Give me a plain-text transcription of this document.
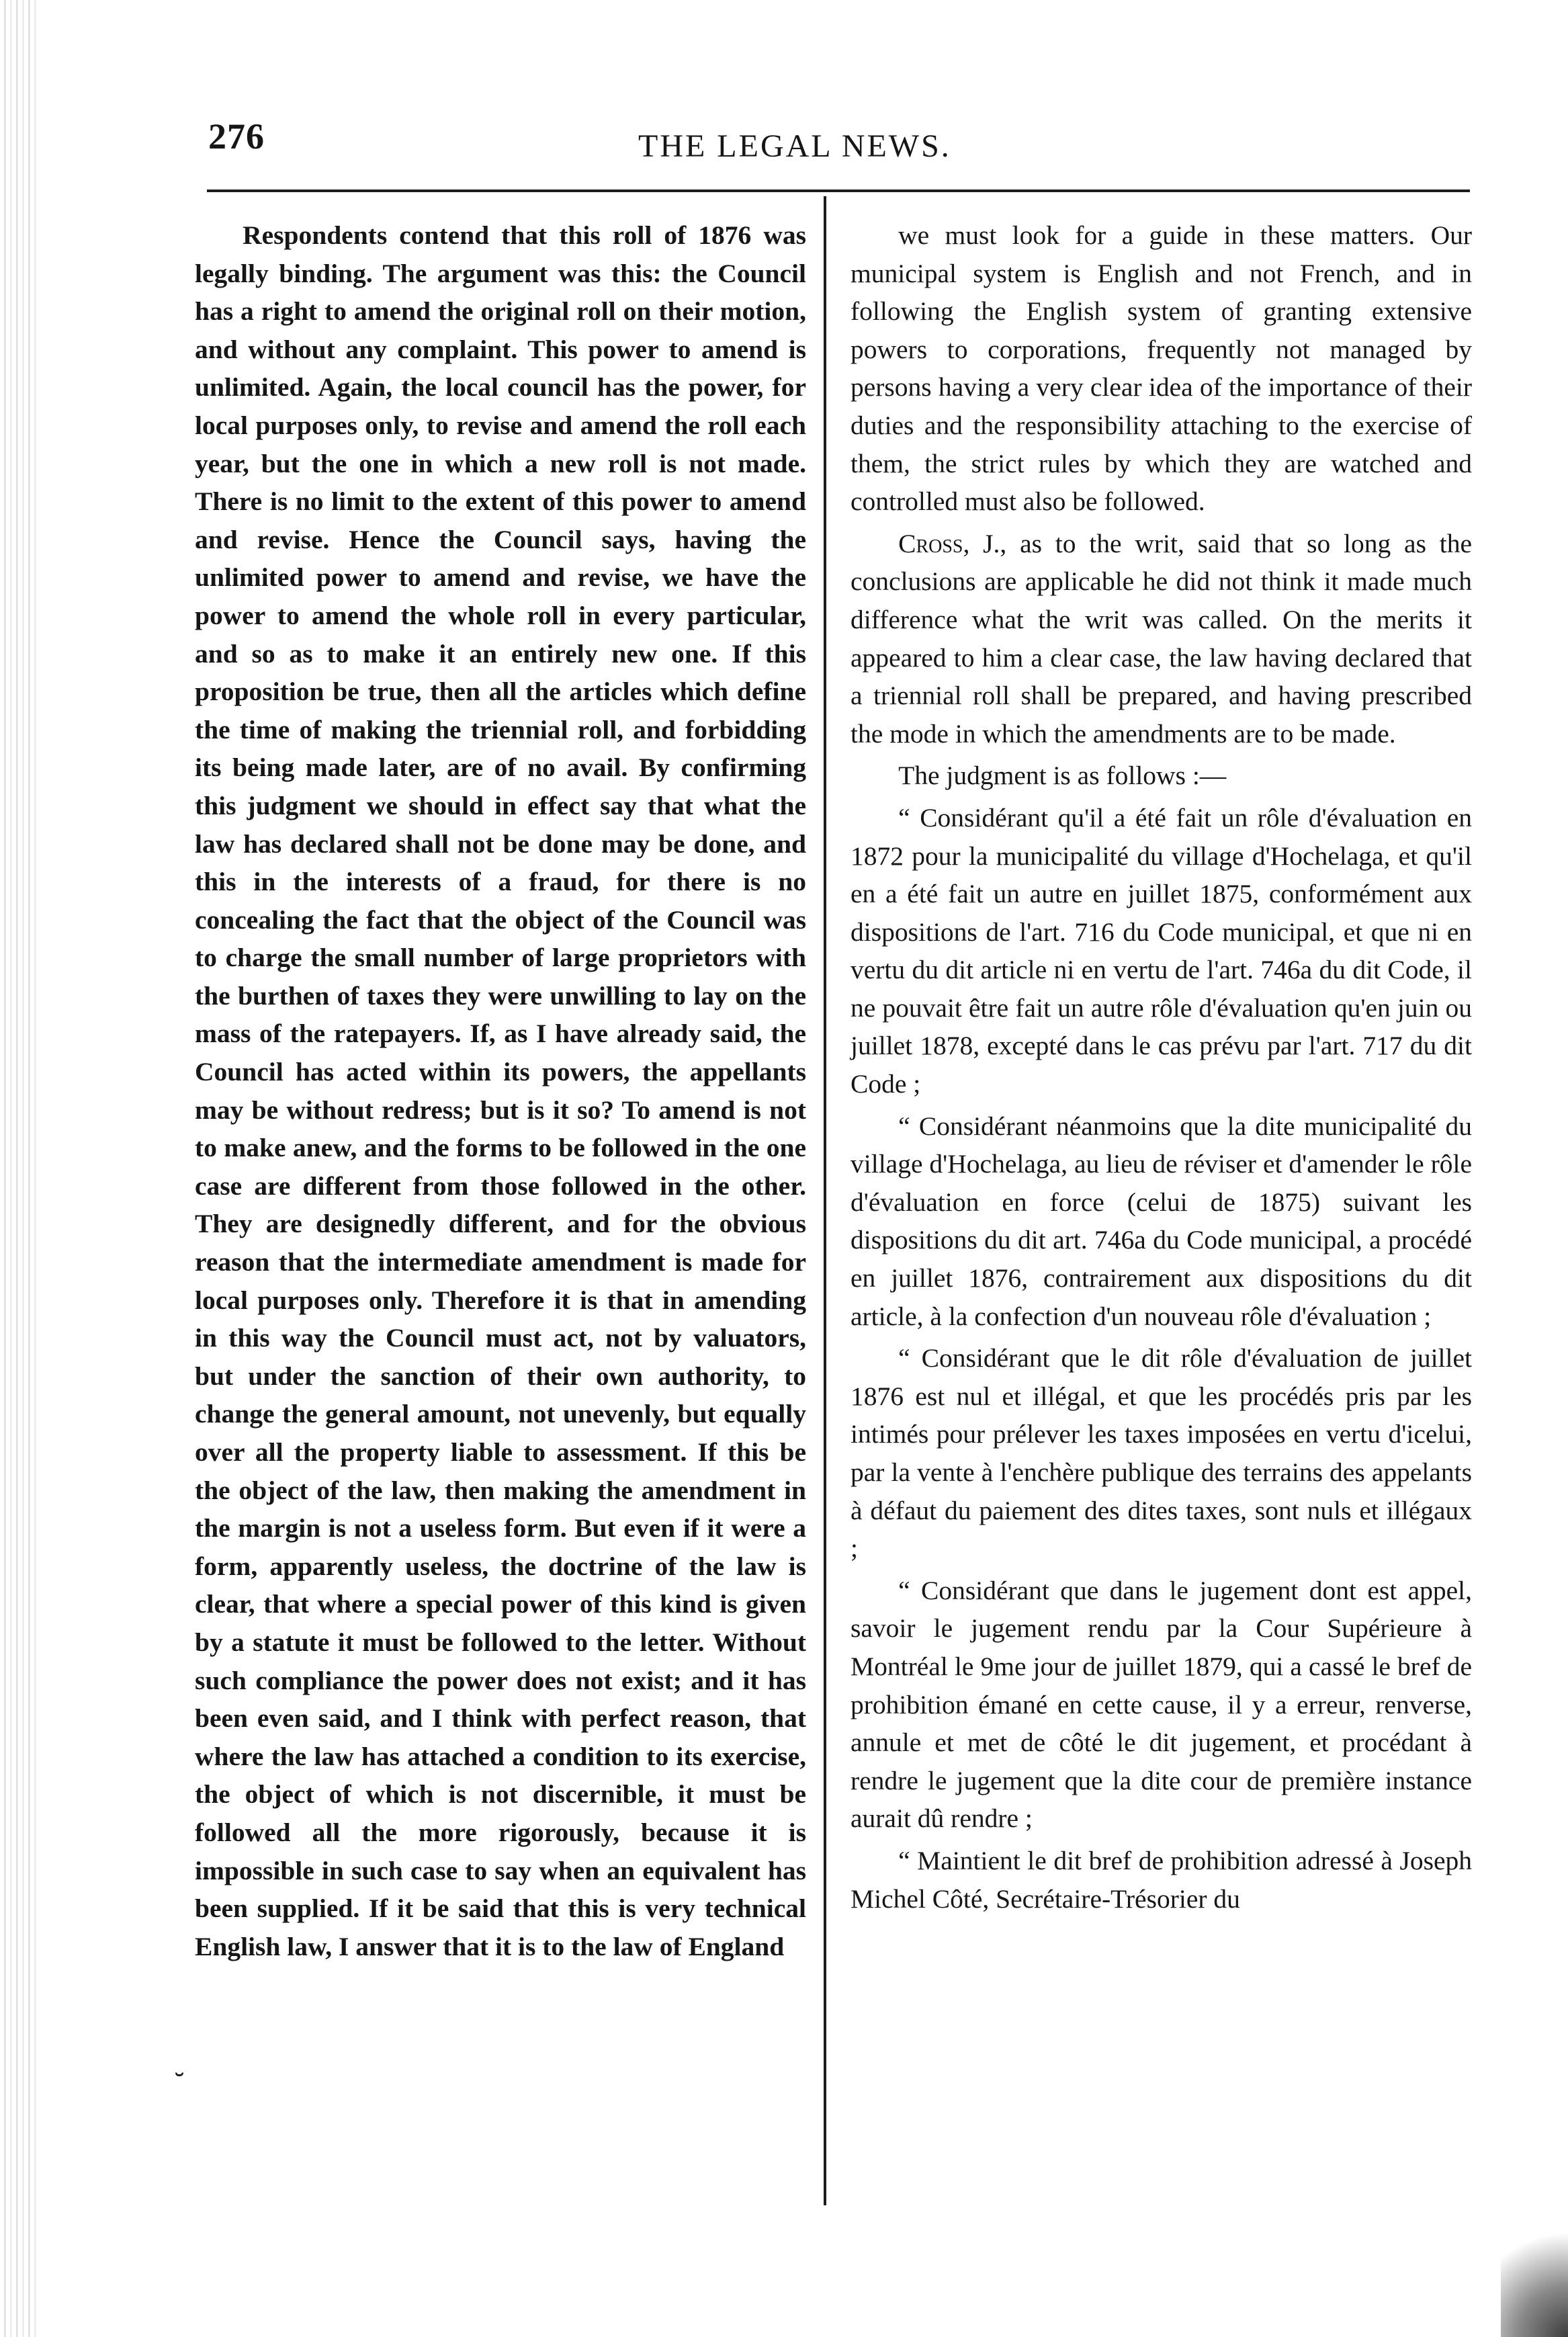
276	THE LEGAL NEWS.

Respondents contend that this roll of 1876 was legally binding. The argument was this: the Council has a right to amend the original roll on their motion, and without any complaint. This power to amend is unlimited. Again, the local council has the power, for local purposes only, to revise and amend the roll each year, but the one in which a new roll is not made. There is no limit to the extent of this power to amend and revise. Hence the Council says, having the unlimited power to amend and revise, we have the power to amend the whole roll in every particular, and so as to make it an entirely new one. If this proposition be true, then all the articles which define the time of making the triennial roll, and forbidding its being made later, are of no avail. By confirming this judgment we should in effect say that what the law has declared shall not be done may be done, and this in the interests of a fraud, for there is no concealing the fact that the object of the Council was to charge the small number of large proprietors with the burthen of taxes they were unwilling to lay on the mass of the ratepayers. If, as I have already said, the Council has acted within its powers, the appellants may be without redress; but is it so? To amend is not to make anew, and the forms to be followed in the one case are different from those followed in the other. They are designedly different, and for the obvious reason that the intermediate amendment is made for local purposes only. Therefore it is that in amending in this way the Council must act, not by valuators, but under the sanction of their own authority, to change the general amount, not unevenly, but equally over all the property liable to assessment. If this be the object of the law, then making the amendment in the margin is not a useless form. But even if it were a form, apparently useless, the doctrine of the law is clear, that where a special power of this kind is given by a statute it must be followed to the letter. Without such compliance the power does not exist; and it has been even said, and I think with perfect reason, that where the law has attached a condition to its exercise, the object of which is not discernible, it must be followed all the more rigorously, because it is impossible in such case to say when an equivalent has been supplied. If it be said that this is very technical English law, I answer that it is to the law of England

we must look for a guide in these matters. Our municipal system is English and not French, and in following the English system of granting extensive powers to corporations, frequently not managed by persons having a very clear idea of the importance of their duties and the responsibility attaching to the exercise of them, the strict rules by which they are watched and controlled must also be followed.

Cross, J., as to the writ, said that so long as the conclusions are applicable he did not think it made much difference what the writ was called. On the merits it appeared to him a clear case, the law having declared that a triennial roll shall be prepared, and having prescribed the mode in which the amendments are to be made.

The judgment is as follows :—

“ Considérant qu'il a été fait un rôle d'évaluation en 1872 pour la municipalité du village d'Hochelaga, et qu'il en a été fait un autre en juillet 1875, conformément aux dispositions de l'art. 716 du Code municipal, et que ni en vertu du dit article ni en vertu de l'art. 746a du dit Code, il ne pouvait être fait un autre rôle d'évaluation qu'en juin ou juillet 1878, excepté dans le cas prévu par l'art. 717 du dit Code ;

“ Considérant néanmoins que la dite municipalité du village d'Hochelaga, au lieu de réviser et d'amender le rôle d'évaluation en force (celui de 1875) suivant les dispositions du dit art. 746a du Code municipal, a procédé en juillet 1876, contrairement aux dispositions du dit article, à la confection d'un nouveau rôle d'évaluation ;

“ Considérant que le dit rôle d'évaluation de juillet 1876 est nul et illégal, et que les procédés pris par les intimés pour prélever les taxes imposées en vertu d'icelui, par la vente à l'enchère publique des terrains des appelants à défaut du paiement des dites taxes, sont nuls et illégaux ;

“ Considérant que dans le jugement dont est appel, savoir le jugement rendu par la Cour Supérieure à Montréal le 9me jour de juillet 1879, qui a cassé le bref de prohibition émané en cette cause, il y a erreur, renverse, annule et met de côté le dit jugement, et procédant à rendre le jugement que la dite cour de première instance aurait dû rendre ;

“ Maintient le dit bref de prohibition adressé à Joseph Michel Côté, Secrétaire-Trésorier du

˘
